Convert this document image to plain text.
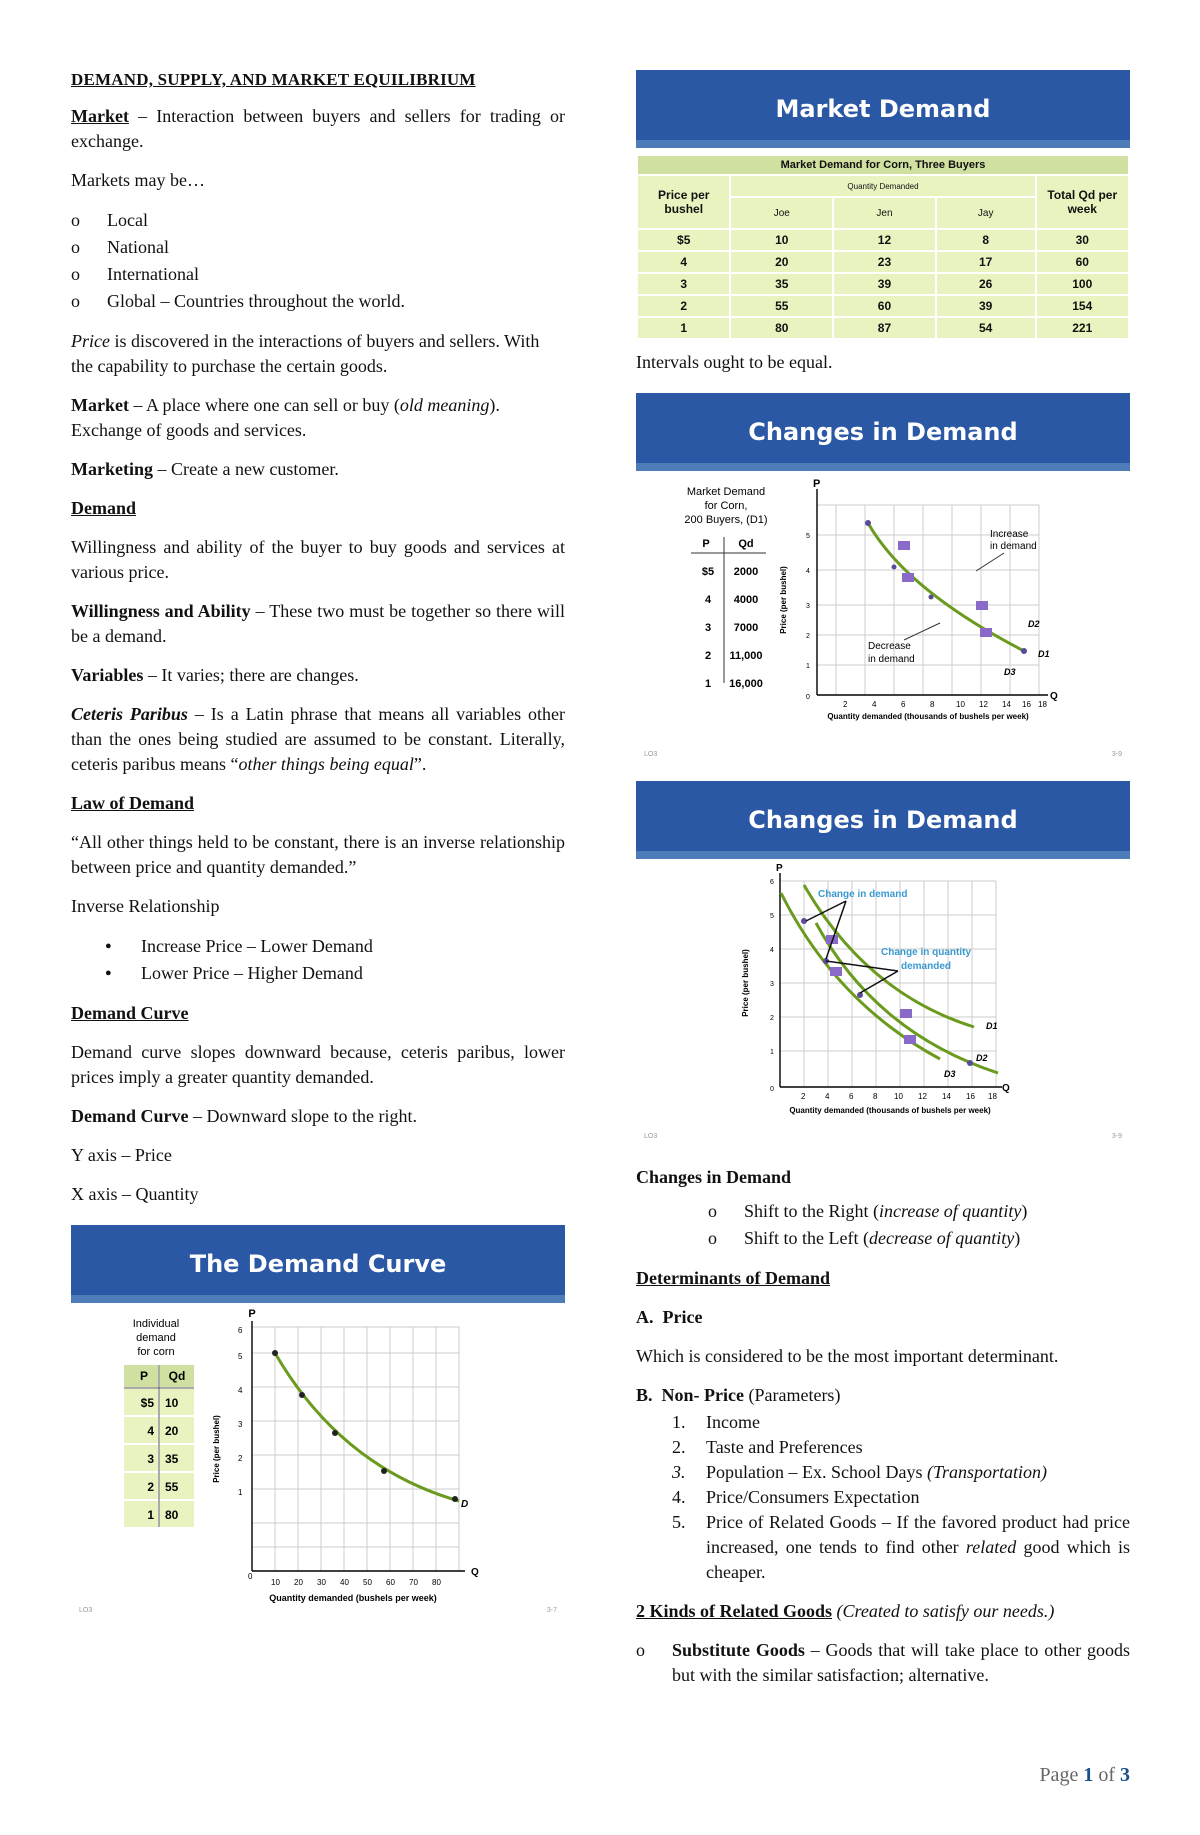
DEMAND, SUPPLY, AND MARKET EQUILIBRIUM

Market – Interaction between buyers and sellers for trading or exchange.

Markets may be…

o Local
o National
o International
o Global – Countries throughout the world.

Price is discovered in the interactions of buyers and sellers. With the capability to purchase the certain goods.

Market – A place where one can sell or buy (old meaning). Exchange of goods and services.

Marketing – Create a new customer.

Demand

Willingness and ability of the buyer to buy goods and services at various price.

Willingness and Ability – These two must be together so there will be a demand.

Variables – It varies; there are changes.

Ceteris Paribus – Is a Latin phrase that means all variables other than the ones being studied are assumed to be constant. Literally, ceteris paribus means “other things being equal”.

Law of Demand

“All other things held to be constant, there is an inverse relationship between price and quantity demanded.”

Inverse Relationship

● Increase Price – Lower Demand
● Lower Price – Higher Demand

Demand Curve

Demand curve slopes downward because, ceteris paribus, lower prices imply a greater quantity demanded.

Demand Curve – Downward slope to the right.

Y axis – Price

X axis – Quantity

The Demand Curve
Individual
demand
for corn
P Qd
$5 10
4 20
3 35
2 55
1 80
P
Q
6
5
4
3
2
1
0
10 20 30 40 50 60 70 80
Price (per bushel)
Quantity demanded (bushels per week)
D
LO3	3-7
Market Demand
Market Demand for Corn, Three Buyers				
Price per bushel	Quantity Demanded			Total Qd per week
	Joe	Jen	Jay	
$5	10	12	8	30
4	20	23	17	60
3	35	39	26	100
2	55	60	39	154
1	80	87	54	221

Intervals ought to be equal.

Changes in Demand
Market Demand
for Corn,
200 Buyers, (D1)
P	Qd
$5 2000
4 4000
3 7000
2 11,000
1 16,000
P
Q
5
4
3
2
1
0
2	4	6	8	10 12 14 16 18
Price (per bushel)
Quantity demanded (thousands of bushels per week)
Increase
in demand
Decrease
in demand
D2
D1
D3
LO3	3-9
Changes in Demand
P
Q
6
5
4
3
2
1
0
2 4 6 8 10 12 14 16 18
Price (per bushel)
Quantity demanded (thousands of bushels per week)
Change in demand
Change in quantity
demanded
D1
D2
D3
LO3	3-9

Changes in Demand

o Shift to the Right (increase of quantity)
o Shift to the Left (decrease of quantity)

Determinants of Demand

A. Price

Which is considered to be the most important determinant.

B. Non- Price (Parameters)

1. Income
2. Taste and Preferences
3. Population – Ex. School Days (Transportation)
4. Price/Consumers Expectation
5. Price of Related Goods – If the favored product had price increased, one tends to find other related good which is cheaper.

2 Kinds of Related Goods (Created to satisfy our needs.)

o Substitute Goods – Goods that will take place to other goods but with the similar satisfaction; alternative.
Page 1 of 3
